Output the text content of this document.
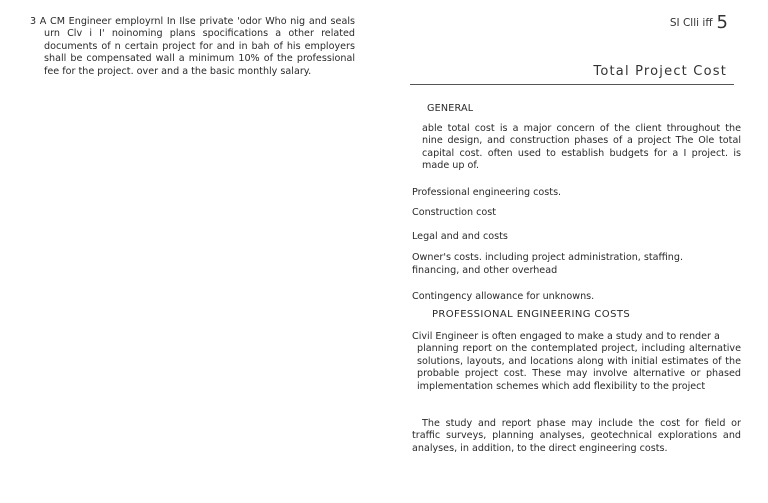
3 A CM Engineer employrnl In Ilse private 'odor Who nig and seals urn Clv i I' noinoming plans spocifications a other related documents of n certain project for and in bah of his employers shall be compensated wall a minimum 10% of the professional fee for the project. over and a the basic monthly salary.
SI Clli iff 5
Total Project Cost
GENERAL
able total cost is a major concern of the client throughout the nine design, and construction phases of a project The Ole total capital cost. often used to establish budgets for a I project. is made up of.
Professional engineering costs.
Construction cost
Legal and and costs
Owner's costs. including project administration, staffing. financing, and other overhead
Contingency allowance for unknowns.
PROFESSIONAL ENGINEERING COSTS
Civil Engineer is often engaged to make a study and to render a
planning report on the contemplated project, including alternative solutions, layouts, and locations along with initial estimates of the probable project cost. These may involve alternative or phased implementation schemes which add flexibility to the project
The study and report phase may include the cost for field or traffic surveys, planning analyses, geotechnical explorations and analyses, in addition, to the direct engineering costs.
